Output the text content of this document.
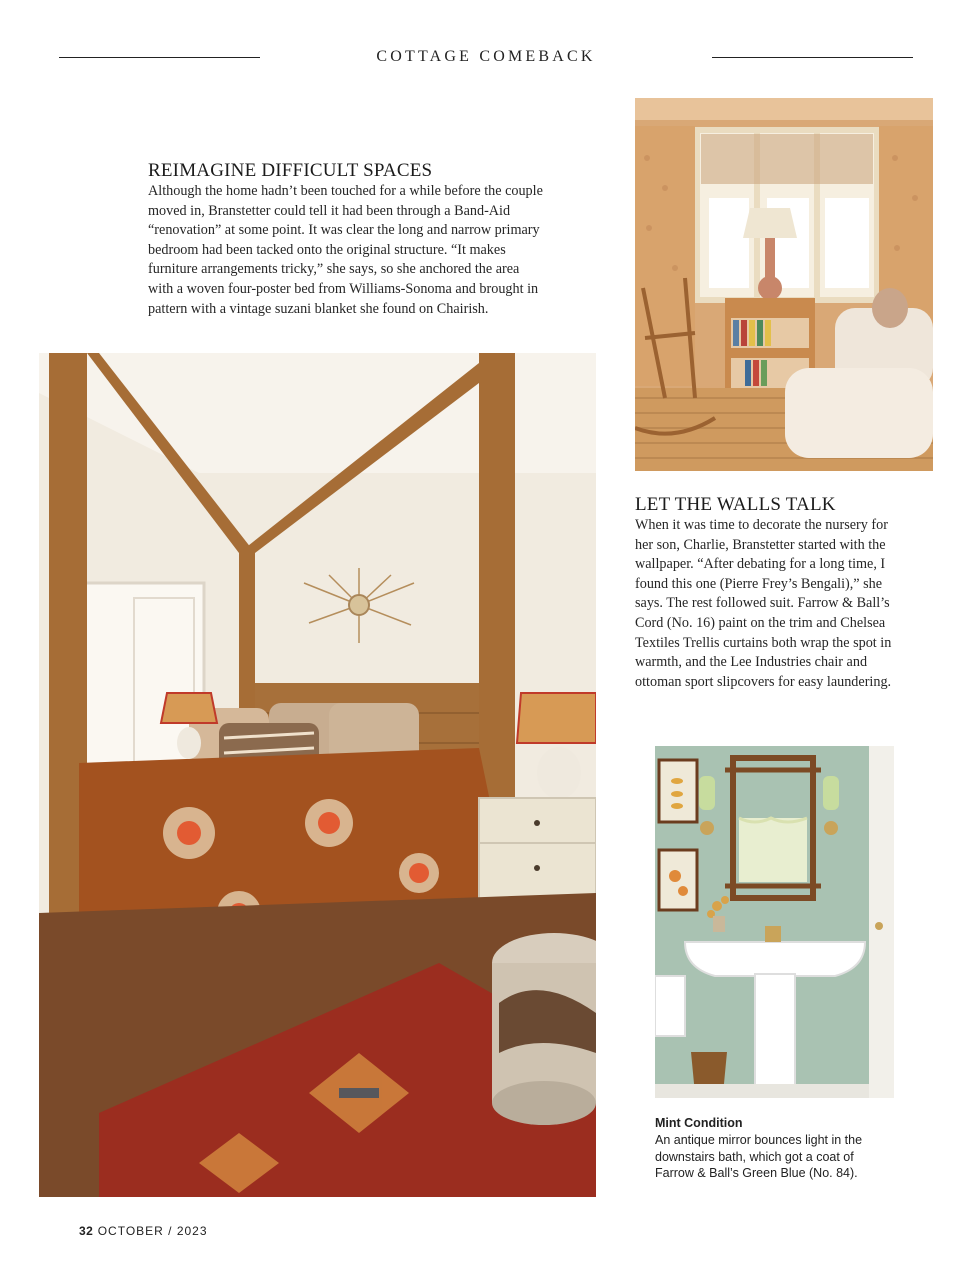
COTTAGE COMEBACK
REIMAGINE DIFFICULT SPACES

Although the home hadn’t been touched for a while before the couple moved in, Branstetter could tell it had been through a Band-Aid “renovation” at some point. It was clear the long and narrow primary bedroom had been tacked onto the original structure. “It makes furniture arrangements tricky,” she says, so she anchored the area with a woven four-poster bed from Williams-Sonoma and brought in pattern with a vintage suzani blanket she found on Chairish.

LET THE WALLS TALK

When it was time to decorate the nursery for her son, Charlie, Branstetter started with the wallpaper. “After debating for a long time, I found this one (Pierre Frey’s Bengali),” she says. The rest followed suit. Farrow & Ball’s Cord (No. 16) paint on the trim and Chelsea Textiles Trellis curtains both wrap the spot in warmth, and the Lee Industries chair and ottoman sport slipcovers for easy laundering.

Mint Condition
An antique mirror bounces light in the downstairs bath, which got a coat of Farrow & Ball’s Green Blue (No. 84).
32 OCTOBER / 2023
